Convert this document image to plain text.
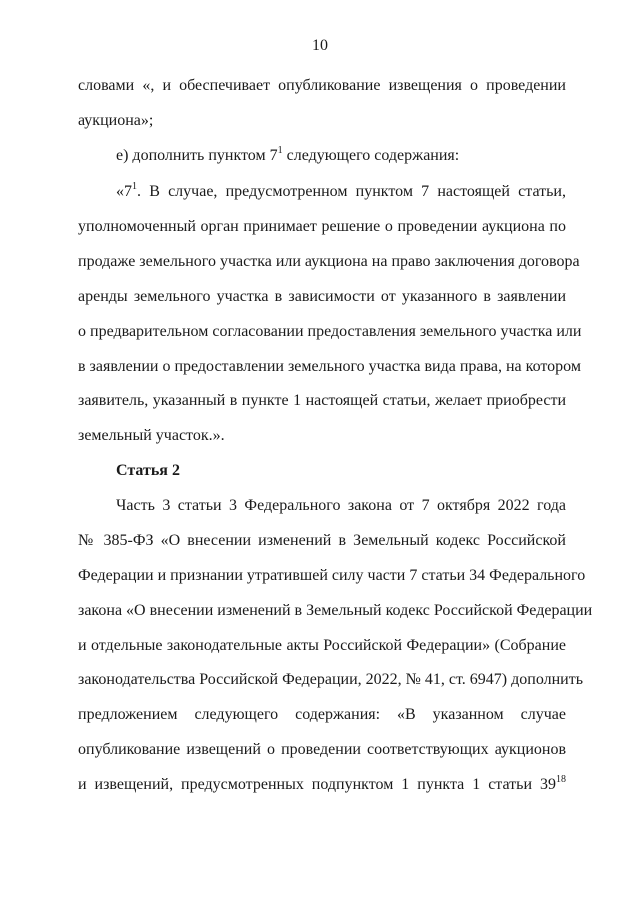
10
словами «, и обеспечивает опубликование извещения о проведении
аукциона»;
е) дополнить пунктом $7^1$ следующего содержания:
«$7^1$. В случае, предусмотренном пунктом 7 настоящей статьи,
уполномоченный орган принимает решение о проведении аукциона по
продаже земельного участка или аукциона на право заключения договора
аренды земельного участка в зависимости от указанного в заявлении
о предварительном согласовании предоставления земельного участка или
в заявлении о предоставлении земельного участка вида права, на котором
заявитель, указанный в пункте 1 настоящей статьи, желает приобрести
земельный участок.».
Статья 2
Часть 3 статьи 3 Федерального закона от 7 октября 2022 года
№ 385-ФЗ «О внесении изменений в Земельный кодекс Российской
Федерации и признании утратившей силу части 7 статьи 34 Федерального
закона «О внесении изменений в Земельный кодекс Российской Федерации
и отдельные законодательные акты Российской Федерации» (Собрание
законодательства Российской Федерации, 2022, № 41, ст. 6947) дополнить
предложением следующего содержания: «В указанном случае
опубликование извещений о проведении соответствующих аукционов
и извещений, предусмотренных подпунктом 1 пункта 1 статьи $39^{18}$
